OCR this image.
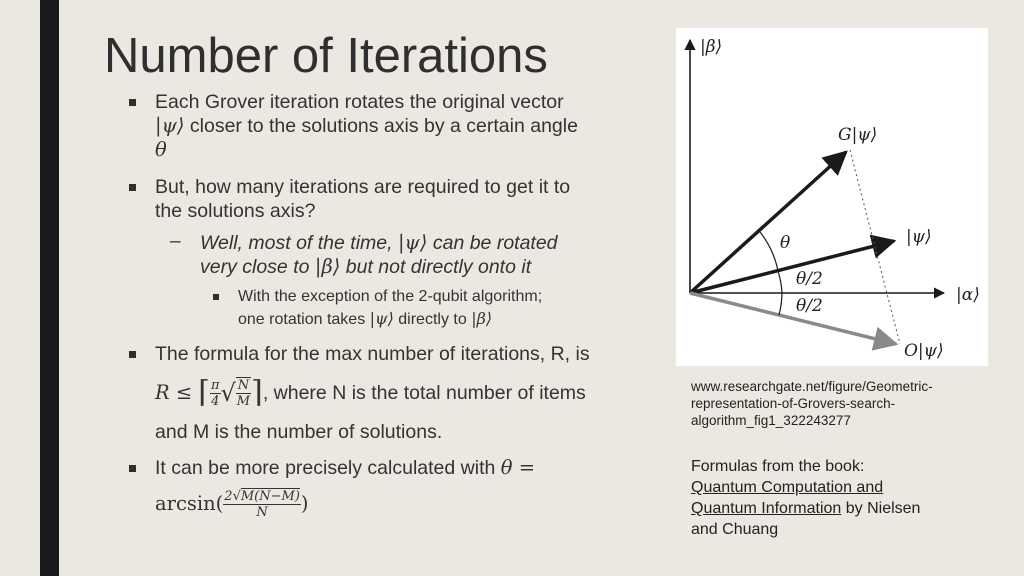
Number of Iterations
Each Grover iteration rotates the original vector
|ψ⟩ closer to the solutions axis by a certain angle
θ
But, how many iterations are required to get it to
the solutions axis?
– Well, most of the time, |ψ⟩ can be rotated
very close to |β⟩ but not directly onto it
With the exception of the 2-qubit algorithm;
one rotation takes |ψ⟩ directly to |β⟩
The formula for the max number of iterations, R, is
R ≤ ⌈ $\frac{\pi}{4}$ √ $\frac{N}{M}$ ⌉ , where N is the total number of items
and M is the number of solutions.
It can be more precisely calculated with θ =
$\arcsin( \frac{2√M(N-M)}{N}$ )
|β⟩
|α⟩
G|ψ⟩
|ψ⟩
O|ψ⟩
θ
θ/2
θ/2
www.researchgate.net/figure/Geometric-
representation-of-Grovers-search-
algorithm_fig1_322243277
Formulas from the book:
Quantum Computation and
Quantum Information by Nielsen
and Chuang
